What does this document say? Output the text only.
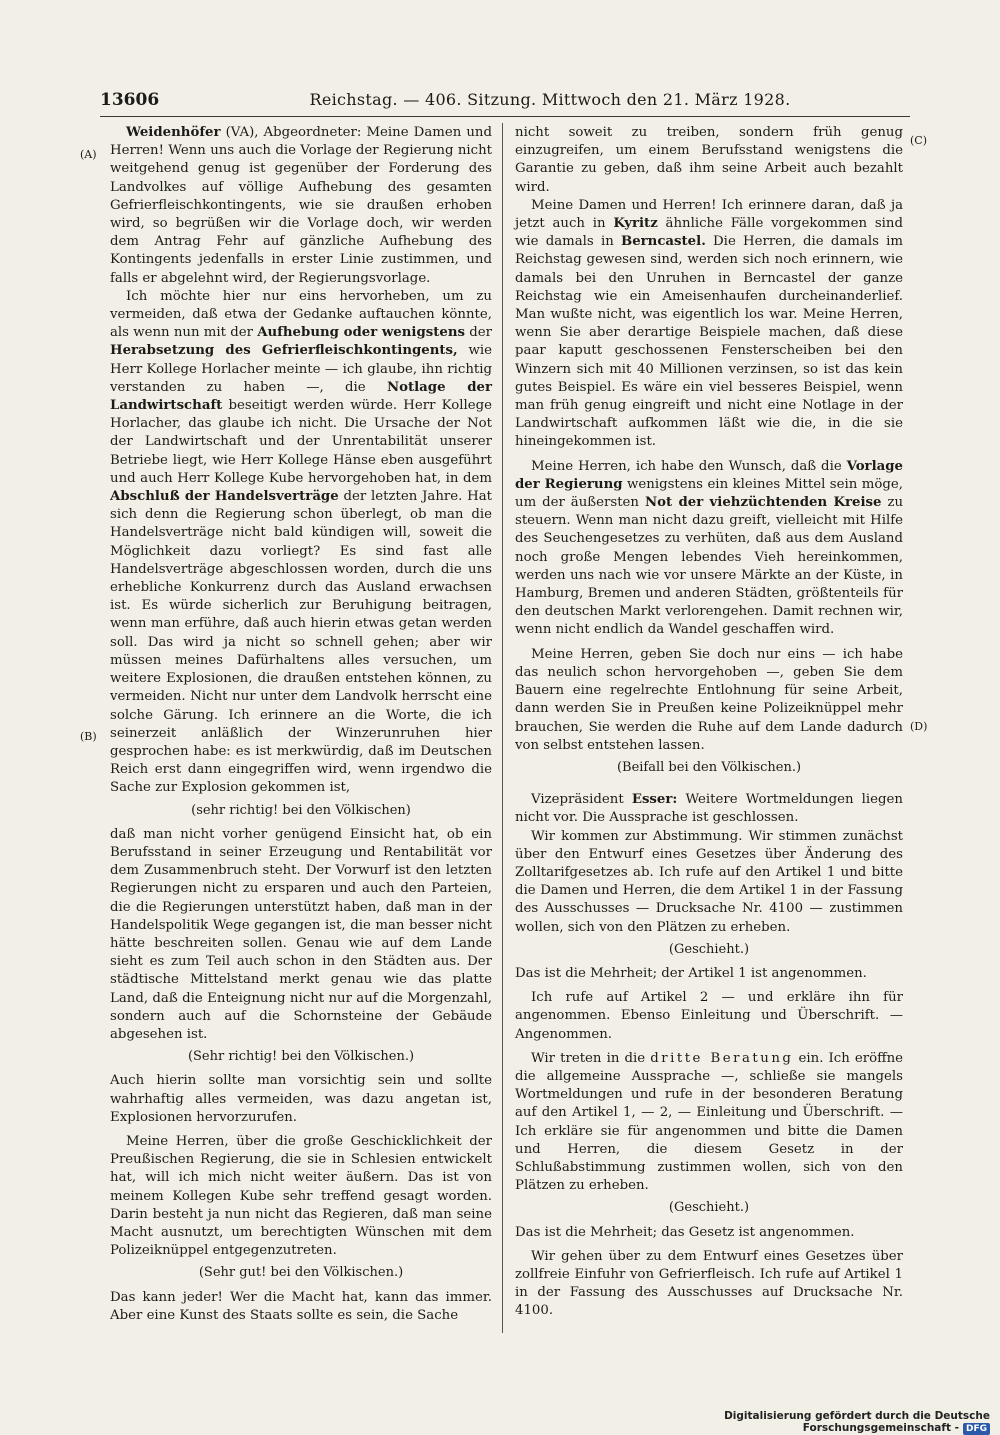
13606	Reichstag. — 406. Sitzung. Mittwoch den 21. März 1928.
(A)
(B)
(C)
(D)

Weidenhöfer (VA), Abgeordneter: Meine Damen und Herren! Wenn uns auch die Vorlage der Regierung nicht weitgehend genug ist gegenüber der Forderung des Landvolkes auf völlige Aufhebung des gesamten Gefrierfleischkontingents, wie sie draußen erhoben wird, so begrüßen wir die Vorlage doch, wir werden dem Antrag Fehr auf gänzliche Aufhebung des Kontingents jedenfalls in erster Linie zustimmen, und falls er abgelehnt wird, der Regierungsvorlage.

Ich möchte hier nur eins hervorheben, um zu vermeiden, daß etwa der Gedanke auftauchen könnte, als wenn nun mit der Aufhebung oder wenigstens der Herabsetzung des Gefrierfleischkontingents, wie Herr Kollege Horlacher meinte — ich glaube, ihn richtig verstanden zu haben —, die Notlage der Landwirtschaft beseitigt werden würde. Herr Kollege Horlacher, das glaube ich nicht. Die Ursache der Not der Landwirtschaft und der Unrentabilität unserer Betriebe liegt, wie Herr Kollege Hänse eben ausgeführt und auch Herr Kollege Kube hervorgehoben hat, in dem Abschluß der Handelsverträge der letzten Jahre. Hat sich denn die Regierung schon überlegt, ob man die Handelsverträge nicht bald kündigen will, soweit die Möglichkeit dazu vorliegt? Es sind fast alle Handelsverträge abgeschlossen worden, durch die uns erhebliche Konkurrenz durch das Ausland erwachsen ist. Es würde sicherlich zur Beruhigung beitragen, wenn man erführe, daß auch hierin etwas getan werden soll. Das wird ja nicht so schnell gehen; aber wir müssen meines Dafürhaltens alles versuchen, um weitere Explosionen, die draußen entstehen können, zu vermeiden. Nicht nur unter dem Landvolk herrscht eine solche Gärung. Ich erinnere an die Worte, die ich seinerzeit anläßlich der Winzerunruhen hier gesprochen habe: es ist merkwürdig, daß im Deutschen Reich erst dann eingegriffen wird, wenn irgendwo die Sache zur Explosion gekommen ist,

(sehr richtig! bei den Völkischen)

daß man nicht vorher genügend Einsicht hat, ob ein Berufsstand in seiner Erzeugung und Rentabilität vor dem Zusammenbruch steht. Der Vorwurf ist den letzten Regierungen nicht zu ersparen und auch den Parteien, die die Regierungen unterstützt haben, daß man in der Handelspolitik Wege gegangen ist, die man besser nicht hätte beschreiten sollen. Genau wie auf dem Lande sieht es zum Teil auch schon in den Städten aus. Der städtische Mittelstand merkt genau wie das platte Land, daß die Enteignung nicht nur auf die Morgenzahl, sondern auch auf die Schornsteine der Gebäude abgesehen ist.

(Sehr richtig! bei den Völkischen.)

Auch hierin sollte man vorsichtig sein und sollte wahrhaftig alles vermeiden, was dazu angetan ist, Explosionen hervorzurufen.

Meine Herren, über die große Geschicklichkeit der Preußischen Regierung, die sie in Schlesien entwickelt hat, will ich mich nicht weiter äußern. Das ist von meinem Kollegen Kube sehr treffend gesagt worden. Darin besteht ja nun nicht das Regieren, daß man seine Macht ausnutzt, um berechtigten Wünschen mit dem Polizeiknüppel entgegenzutreten.

(Sehr gut! bei den Völkischen.)

Das kann jeder! Wer die Macht hat, kann das immer. Aber eine Kunst des Staats sollte es sein, die Sache

nicht soweit zu treiben, sondern früh genug einzugreifen, um einem Berufsstand wenigstens die Garantie zu geben, daß ihm seine Arbeit auch bezahlt wird.

Meine Damen und Herren! Ich erinnere daran, daß ja jetzt auch in Kyritz ähnliche Fälle vorgekommen sind wie damals in Berncastel. Die Herren, die damals im Reichstag gewesen sind, werden sich noch erinnern, wie damals bei den Unruhen in Berncastel der ganze Reichstag wie ein Ameisenhaufen durcheinanderlief. Man wußte nicht, was eigentlich los war. Meine Herren, wenn Sie aber derartige Beispiele machen, daß diese paar kaputt geschossenen Fensterscheiben bei den Winzern sich mit 40 Millionen verzinsen, so ist das kein gutes Beispiel. Es wäre ein viel besseres Beispiel, wenn man früh genug eingreift und nicht eine Notlage in der Landwirtschaft aufkommen läßt wie die, in die sie hineingekommen ist.

Meine Herren, ich habe den Wunsch, daß die Vorlage der Regierung wenigstens ein kleines Mittel sein möge, um der äußersten Not der viehzüchtenden Kreise zu steuern. Wenn man nicht dazu greift, vielleicht mit Hilfe des Seuchengesetzes zu verhüten, daß aus dem Ausland noch große Mengen lebendes Vieh hereinkommen, werden uns nach wie vor unsere Märkte an der Küste, in Hamburg, Bremen und anderen Städten, größtenteils für den deutschen Markt verlorengehen. Damit rechnen wir, wenn nicht endlich da Wandel geschaffen wird.

Meine Herren, geben Sie doch nur eins — ich habe das neulich schon hervorgehoben —, geben Sie dem Bauern eine regelrechte Entlohnung für seine Arbeit, dann werden Sie in Preußen keine Polizeiknüppel mehr brauchen, Sie werden die Ruhe auf dem Lande dadurch von selbst entstehen lassen.

(Beifall bei den Völkischen.)

Vizepräsident Esser: Weitere Wortmeldungen liegen nicht vor. Die Aussprache ist geschlossen.

Wir kommen zur Abstimmung. Wir stimmen zunächst über den Entwurf eines Gesetzes über Änderung des Zolltarifgesetzes ab. Ich rufe auf den Artikel 1 und bitte die Damen und Herren, die dem Artikel 1 in der Fassung des Ausschusses — Drucksache Nr. 4100 — zustimmen wollen, sich von den Plätzen zu erheben.

(Geschieht.)

Das ist die Mehrheit; der Artikel 1 ist angenommen.

Ich rufe auf Artikel 2 — und erkläre ihn für angenommen. Ebenso Einleitung und Überschrift. — Angenommen.

Wir treten in die dritte Beratung ein. Ich eröffne die allgemeine Aussprache —, schließe sie mangels Wortmeldungen und rufe in der besonderen Beratung auf den Artikel 1, — 2, — Einleitung und Überschrift. — Ich erkläre sie für angenommen und bitte die Damen und Herren, die diesem Gesetz in der Schlußabstimmung zustimmen wollen, sich von den Plätzen zu erheben.

(Geschieht.)

Das ist die Mehrheit; das Gesetz ist angenommen.

Wir gehen über zu dem Entwurf eines Gesetzes über zollfreie Einfuhr von Gefrierfleisch. Ich rufe auf Artikel 1 in der Fassung des Ausschusses auf Drucksache Nr. 4100.

Digitalisierung gefördert durch die Deutsche Forschungsgemeinschaft - DFG
